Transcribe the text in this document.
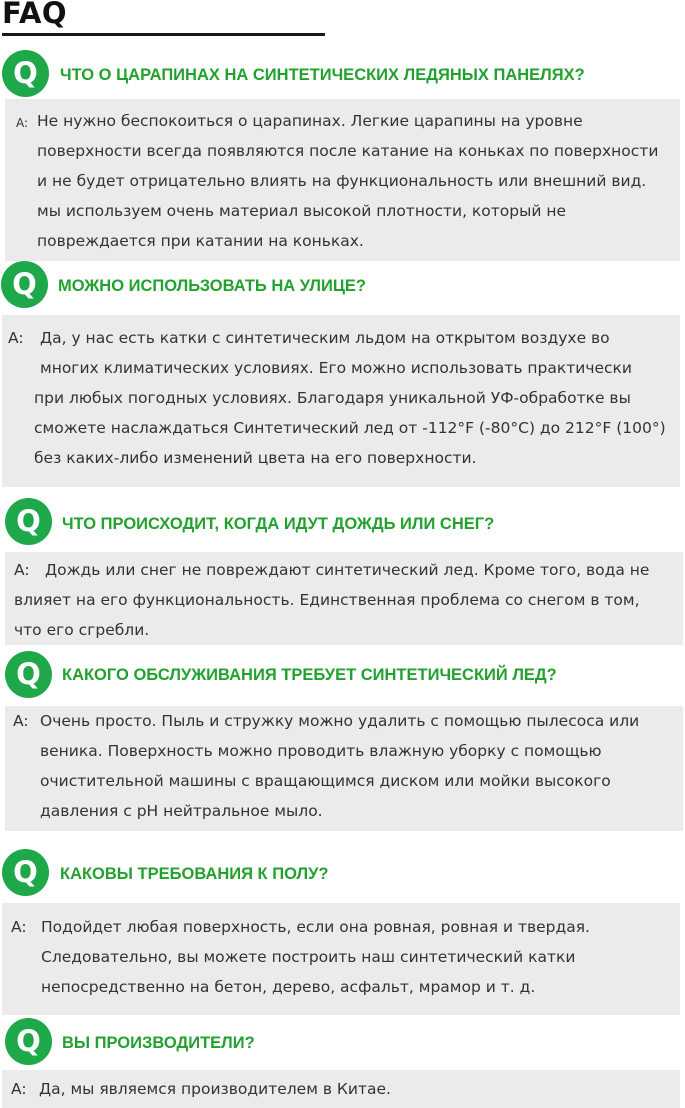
FAQ
Q	ЧТО О ЦАРАПИНАХ НА СИНТЕТИЧЕСКИХ ЛЕДЯНЫХ ПАНЕЛЯХ?
A: Не нужно беспокоиться о царапинах. Легкие царапины на уровне
поверхности всегда появляются после катание на коньках по поверхности
и не будет отрицательно влиять на функциональность или внешний вид.
мы используем очень материал высокой плотности, который не
повреждается при катании на коньках.
Q	МОЖНО ИСПОЛЬЗОВАТЬ НА УЛИЦЕ?
A: Да, у нас есть катки с синтетическим льдом на открытом воздухе во
многих климатических условиях. Его можно использовать практически
при любых погодных условиях. Благодаря уникальной УФ-обработке вы
сможете наслаждаться Синтетический лед от -112°F (-80°C) до 212°F (100°)
без каких-либо изменений цвета на его поверхности.
Q	ЧТО ПРОИСХОДИТ, КОГДА ИДУТ ДОЖДЬ ИЛИ СНЕГ?
A: Дождь или снег не повреждают синтетический лед. Кроме того, вода не
влияет на его функциональность. Единственная проблема со снегом в том,
что его сгребли.
Q	КАКОГО ОБСЛУЖИВАНИЯ ТРЕБУЕТ СИНТЕТИЧЕСКИЙ ЛЕД?
A: Очень просто. Пыль и стружку можно удалить с помощью пылесоса или
веника. Поверхность можно проводить влажную уборку с помощью
очистительной машины с вращающимся диском или мойки высокого
давления с pH нейтральное мыло.
Q	КАКОВЫ ТРЕБОВАНИЯ К ПОЛУ?
A: Подойдет любая поверхность, если она ровная, ровная и твердая.
Следовательно, вы можете построить наш синтетический катки
непосредственно на бетон, дерево, асфальт, мрамор и т. д.
Q	ВЫ ПРОИЗВОДИТЕЛИ?
A: Да, мы являемся производителем в Китае.
